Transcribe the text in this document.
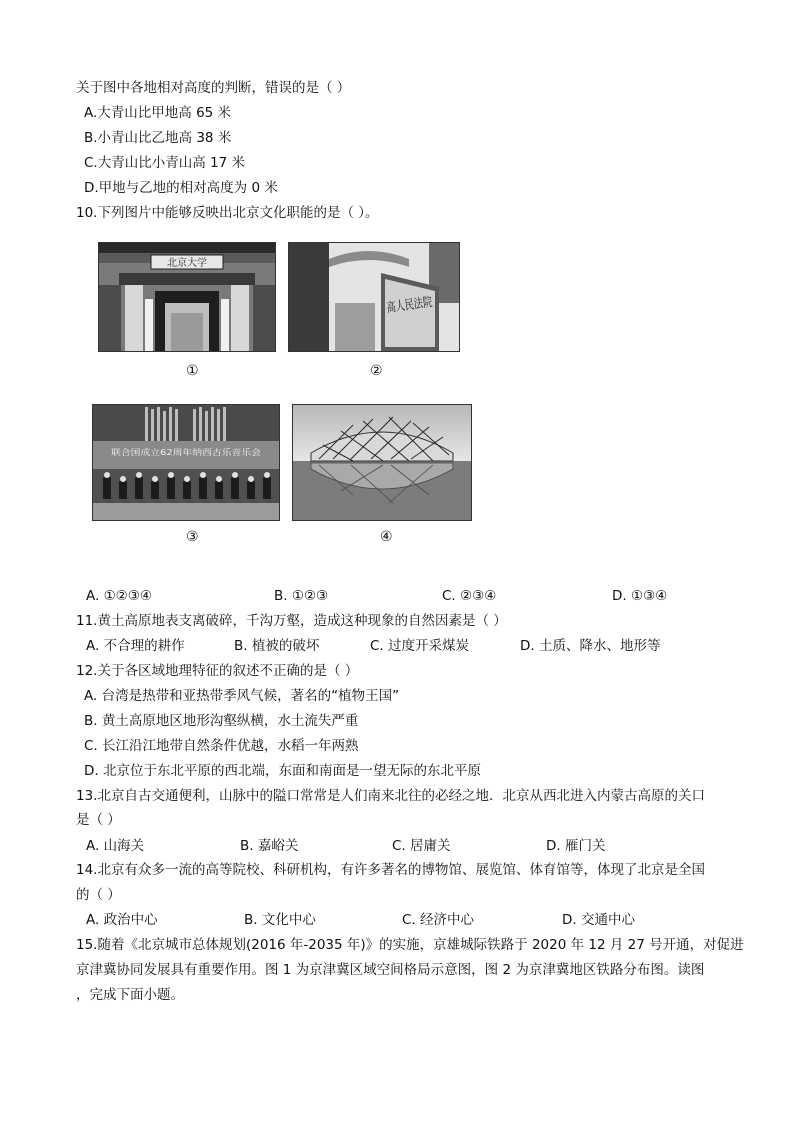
关于图中各地相对高度的判断，错误的是（ ）
A.大青山比甲地高 65 米
B.小青山比乙地高 38 米
C.大青山比小青山高 17 米
D.甲地与乙地的相对高度为 0 米
10.下列图片中能够反映出北京文化职能的是（ ）。
北京大学
①
高人民法院
②
联合国成立62周年纳西古乐音乐会
③	④
A. ①②③④	B. ①②③	C. ②③④	D. ①③④
11.黄土高原地表支离破碎，千沟万壑，造成这种现象的自然因素是（ ）
A. 不合理的耕作	B. 植被的破坏	C. 过度开采煤炭	D. 土质、降水、地形等
12.关于各区域地理特征的叙述不正确的是（ ）
A. 台湾是热带和亚热带季风气候，著名的“植物王国”
B. 黄土高原地区地形沟壑纵横，水土流失严重
C. 长江沿江地带自然条件优越，水稻一年两熟
D. 北京位于东北平原的西北端，东面和南面是一望无际的东北平原
13.北京自古交通便利，山脉中的隘口常常是人们南来北往的必经之地．北京从西北进入内蒙古高原的关口
是（ ）
A. 山海关	B. 嘉峪关	C. 居庸关	D. 雁门关
14.北京有众多一流的高等院校、科研机构，有许多著名的博物馆、展览馆、体育馆等，体现了北京是全国
的（ ）
A. 政治中心	B. 文化中心	C. 经济中心	D. 交通中心
15.随着《北京城市总体规划(2016 年-2035 年)》的实施，京雄城际铁路于 2020 年 12 月 27 号开通，对促进
京津冀协同发展具有重要作用。图 1 为京津冀区域空间格局示意图，图 2 为京津冀地区铁路分布图。读图
，完成下面小题。
